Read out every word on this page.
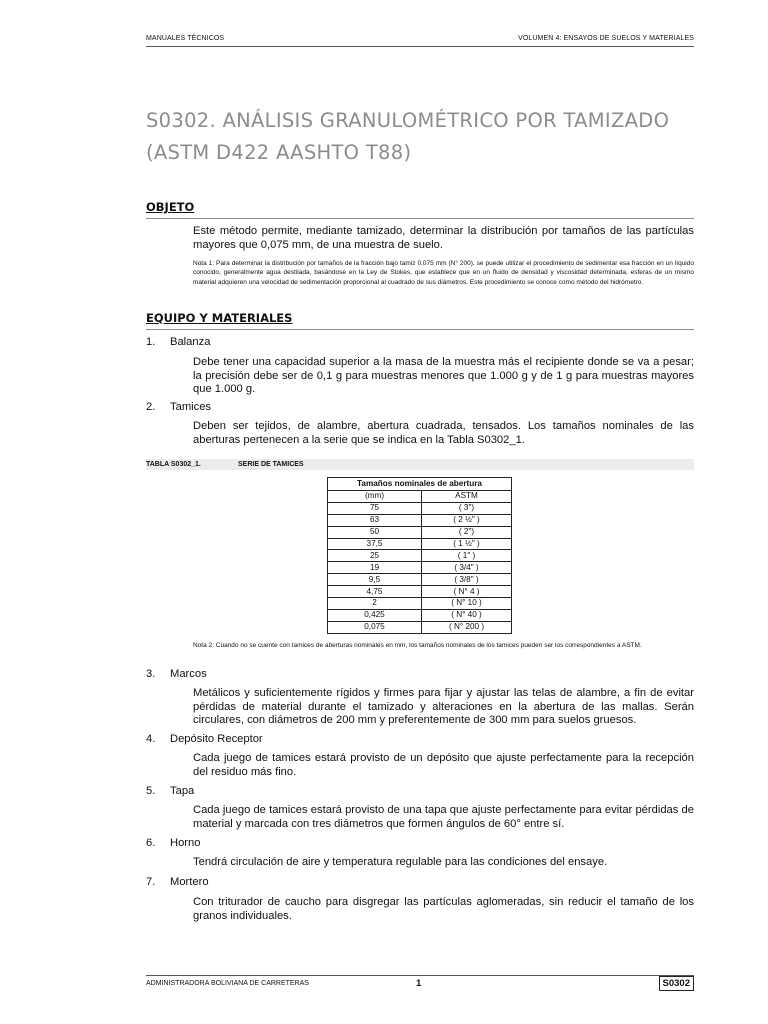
MANUALES TÉCNICOS	VOLUMEN 4: ENSAYOS DE SUELOS Y MATERIALES
S0302. ANÁLISIS GRANULOMÉTRICO POR TAMIZADO (ASTM D422 AASHTO T88)
OBJETO
Este método permite, mediante tamizado, determinar la distribución por tamaños de las partículas mayores que 0,075 mm, de una muestra de suelo.
Nota 1: Para determinar la distribución por tamaños de la fracción bajo tamiz 0,075 mm (N° 200), se puede utilizar el procedimiento de sedimentar esa fracción en un líquido conocido, generalmente agua destilada, basándose en la Ley de Stokes, que establece que en un fluido de densidad y viscosidad determinada, esferas de un mismo material adquieren una velocidad de sedimentación proporcional al cuadrado de sus diámetros. Este procedimiento se conoce como método del hidrómetro.
EQUIPO Y MATERIALES
1. Balanza
Debe tener una capacidad superior a la masa de la muestra más el recipiente donde se va a pesar; la precisión debe ser de 0,1 g para muestras menores que 1.000 g y de 1 g para muestras mayores que 1.000 g.
2. Tamices
Deben ser tejidos, de alambre, abertura cuadrada, tensados. Los tamaños nominales de las aberturas pertenecen a la serie que se indica en la Tabla S0302_1.
TABLA S0302_1.	SERIE DE TAMICES
Tamaños nominales de abertura	
(mm)	ASTM
75	( 3")
63	( 2 ½" )
50	( 2")
37,5	( 1 ½" )
25	( 1" )
19	( 3/4" )
9,5	( 3/8" )
4,75	( N° 4 )
2	( N° 10 )
0,425	( N° 40 )
0,075	( N° 200 )
Nota 2: Cuando no se cuente con tamices de aberturas nominales en mm, los tamaños nominales de los tamices pueden ser los correspondientes a ASTM.
3. Marcos
Metálicos y suficientemente rígidos y firmes para fijar y ajustar las telas de alambre, a fin de evitar pérdidas de material durante el tamizado y alteraciones en la abertura de las mallas. Serán circulares, con diámetros de 200 mm y preferentemente de 300 mm para suelos gruesos.
4. Depósito Receptor
Cada juego de tamices estará provisto de un depósito que ajuste perfectamente para la recepción del residuo más fino.
5. Tapa
Cada juego de tamices estará provisto de una tapa que ajuste perfectamente para evitar pérdidas de material y marcada con tres diámetros que formen ángulos de 60° entre sí.
6. Horno
Tendrá circulación de aire y temperatura regulable para las condiciones del ensaye.
7. Mortero
Con triturador de caucho para disgregar las partículas aglomeradas, sin reducir el tamaño de los granos individuales.
ADMINISTRADORA BOLIVIANA DE CARRETERAS	1	S0302
